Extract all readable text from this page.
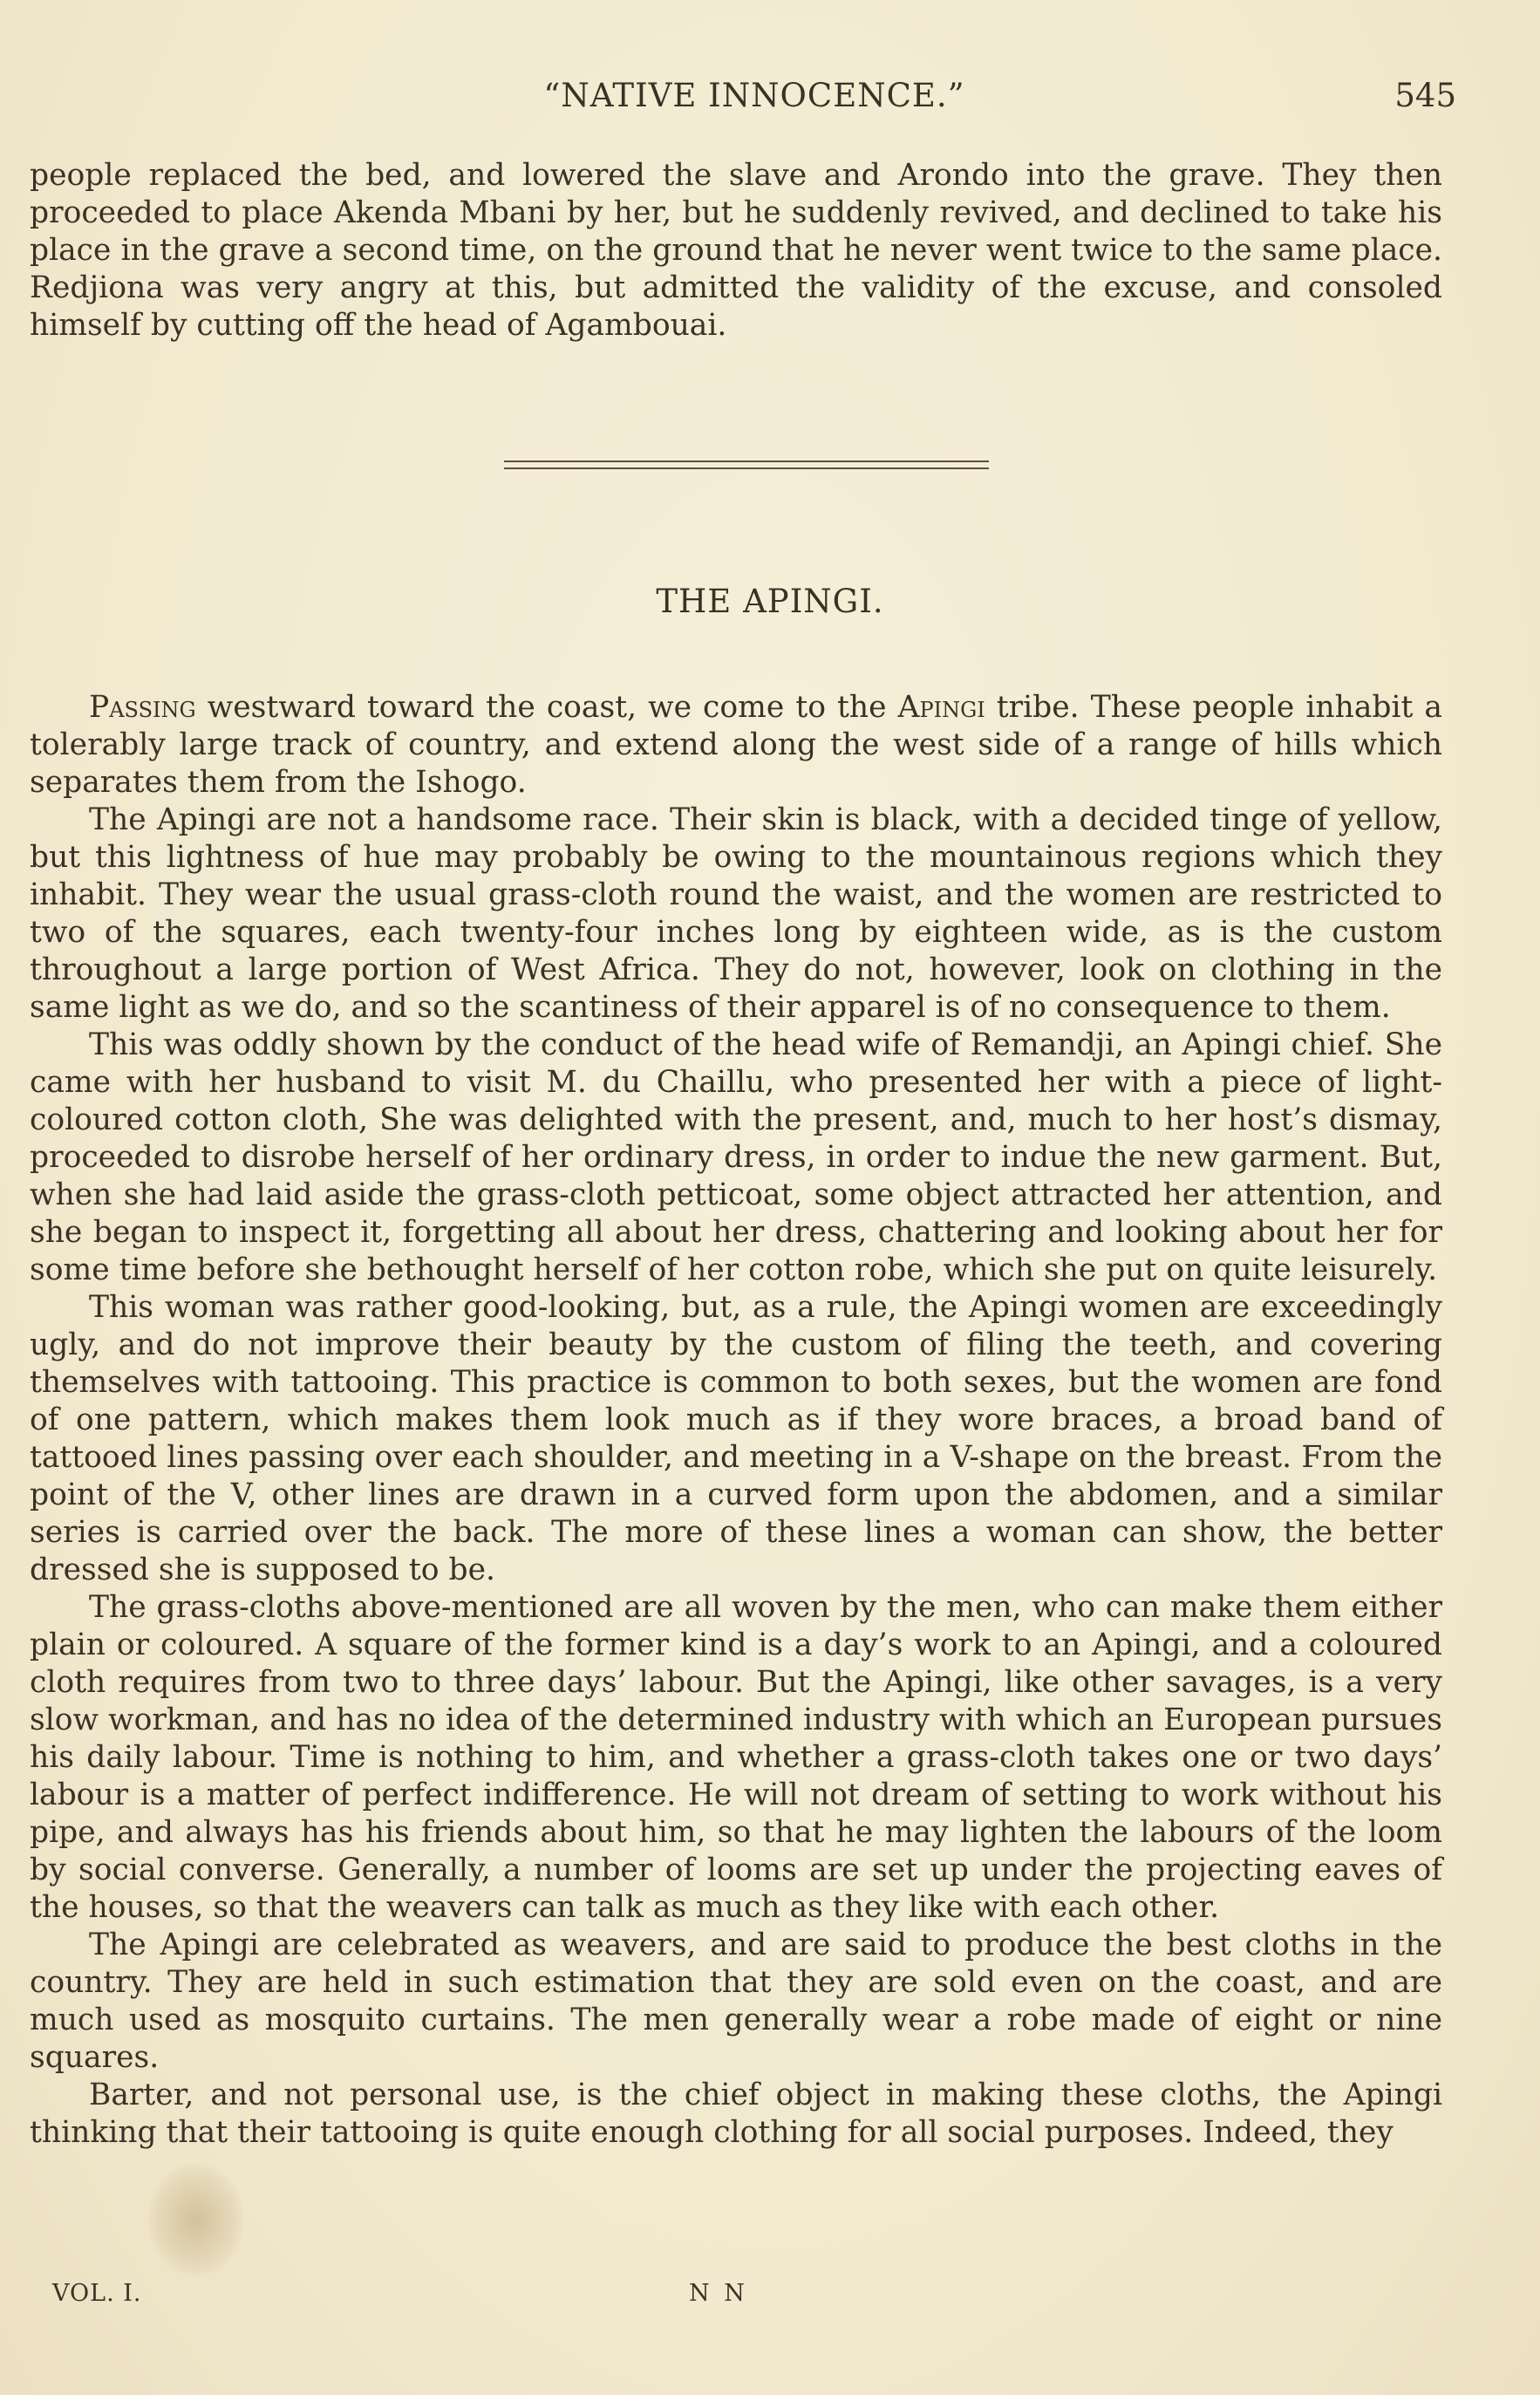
“NATIVE INNOCENCE.”	545

people replaced the bed, and lowered the slave and Arondo into the grave. They then proceeded to place Akenda Mbani by her, but he suddenly revived, and declined to take his place in the grave a second time, on the ground that he never went twice to the same place. Redjiona was very angry at this, but admitted the validity of the excuse, and consoled himself by cutting off the head of Agambouai.

THE APINGI.

Passing westward toward the coast, we come to the Apingi tribe. These people inhabit a tolerably large track of country, and extend along the west side of a range of hills which separates them from the Ishogo.

The Apingi are not a handsome race. Their skin is black, with a decided tinge of yellow, but this lightness of hue may probably be owing to the mountainous regions which they inhabit. They wear the usual grass-cloth round the waist, and the women are restricted to two of the squares, each twenty-four inches long by eighteen wide, as is the custom throughout a large portion of West Africa. They do not, however, look on clothing in the same light as we do, and so the scantiness of their apparel is of no consequence to them.

This was oddly shown by the conduct of the head wife of Remandji, an Apingi chief. She came with her husband to visit M. du Chaillu, who presented her with a piece of light-coloured cotton cloth, She was delighted with the present, and, much to her host’s dismay, proceeded to disrobe herself of her ordinary dress, in order to indue the new garment. But, when she had laid aside the grass-cloth petticoat, some object attracted her attention, and she began to inspect it, forgetting all about her dress, chattering and looking about her for some time before she bethought herself of her cotton robe, which she put on quite leisurely.

This woman was rather good-looking, but, as a rule, the Apingi women are exceedingly ugly, and do not improve their beauty by the custom of filing the teeth, and covering themselves with tattooing. This practice is common to both sexes, but the women are fond of one pattern, which makes them look much as if they wore braces, a broad band of tattooed lines passing over each shoulder, and meeting in a V-shape on the breast. From the point of the V, other lines are drawn in a curved form upon the abdomen, and a similar series is carried over the back. The more of these lines a woman can show, the better dressed she is supposed to be.

The grass-cloths above-mentioned are all woven by the men, who can make them either plain or coloured. A square of the former kind is a day’s work to an Apingi, and a coloured cloth requires from two to three days’ labour. But the Apingi, like other savages, is a very slow workman, and has no idea of the determined industry with which an European pursues his daily labour. Time is nothing to him, and whether a grass-cloth takes one or two days’ labour is a matter of perfect indifference. He will not dream of setting to work without his pipe, and always has his friends about him, so that he may lighten the labours of the loom by social converse. Generally, a number of looms are set up under the projecting eaves of the houses, so that the weavers can talk as much as they like with each other.

The Apingi are celebrated as weavers, and are said to produce the best cloths in the country. They are held in such estimation that they are sold even on the coast, and are much used as mosquito curtains. The men generally wear a robe made of eight or nine squares.

Barter, and not personal use, is the chief object in making these cloths, the Apingi thinking that their tattooing is quite enough clothing for all social purposes. Indeed, they

VOL. I.	N N
